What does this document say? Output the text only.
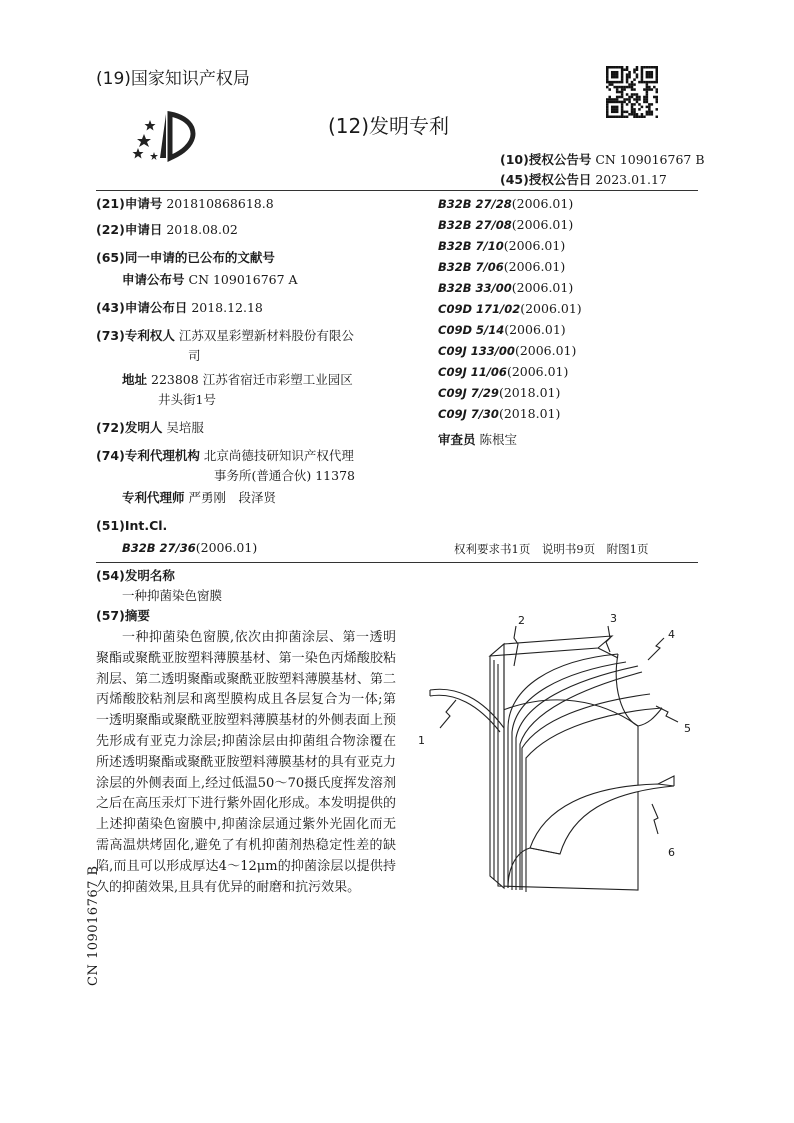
(19)国家知识产权局
(12)发明专利
(10)授权公告号 CN 109016767 B
(45)授权公告日 2023.01.17
(21)申请号 201810868618.8
(22)申请日 2018.08.02
(65)同一申请的已公布的文献号
申请公布号 CN 109016767 A
(43)申请公布日 2018.12.18
(73)专利权人 江苏双星彩塑新材料股份有限公
司
地址 223808 江苏省宿迁市彩塑工业园区
井头街1号
(72)发明人 吴培服
(74)专利代理机构 北京尚德技研知识产权代理
事务所(普通合伙) 11378
专利代理师 严勇刚　段泽贤
(51)Int.Cl.
B32B 27/36(2006.01)
B32B 27/28(2006.01)
B32B 27/08(2006.01)
B32B 7/10(2006.01)
B32B 7/06(2006.01)
B32B 33/00(2006.01)
C09D 171/02(2006.01)
C09D 5/14(2006.01)
C09J 133/00(2006.01)
C09J 11/06(2006.01)
C09J 7/29(2018.01)
C09J 7/30(2018.01)
审查员 陈根宝
权利要求书1页　说明书9页　附图1页
(54)发明名称
一种抑菌染色窗膜
(57)摘要
一种抑菌染色窗膜,依次由抑菌涂层、第一透明聚酯或聚酰亚胺塑料薄膜基材、第一染色丙烯酸胶粘剂层、第二透明聚酯或聚酰亚胺塑料薄膜基材、第二丙烯酸胶粘剂层和离型膜构成且各层复合为一体;第一透明聚酯或聚酰亚胺塑料薄膜基材的外侧表面上预先形成有亚克力涂层;抑菌涂层由抑菌组合物涂覆在所述透明聚酯或聚酰亚胺塑料薄膜基材的具有亚克力涂层的外侧表面上,经过低温50～70摄氏度挥发溶剂之后在高压汞灯下进行紫外固化形成。本发明提供的上述抑菌染色窗膜中,抑菌涂层通过紫外光固化而无需高温烘烤固化,避免了有机抑菌剂热稳定性差的缺陷,而且可以形成厚达4～12μm的抑菌涂层以提供持久的抑菌效果,且具有优异的耐磨和抗污效果。
1
2	3
4
5
6
CN 109016767 B
